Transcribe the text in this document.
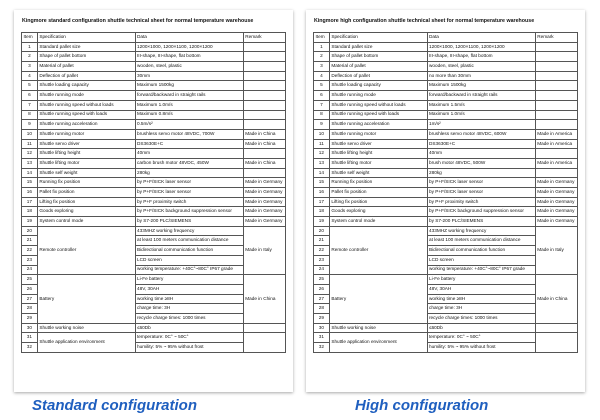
Kingmore standard configuration shuttle technical sheet for normal temperature warehouse
Item	Specification	Data	Remark
1	Standard pallet size	1200×1000, 1200×1100, 1200×1200	
2	Shape of pallet bottom	III-shape, III-shape, flat bottom	
3	Material of pallet	wooden, steel, plastic	
4	Deflection of pallet	30mm	
5	Shuttle loading capacity	Maximum 1500kg	
6	Shuttle running mode	forward/backward in straight rails	
7	Shuttle running speed without loads	Maximum 1.0m/s	
8	Shuttle running speed with loads	Maximum 0.8m/s	
9	Shuttle running acceleration	0.5m/s²	
10	Shuttle running motor	brushless servo motor 48VDC, 700W	Made in China
11	Shuttle servo driver	DS3630E+C	Made in China
12	Shuttle lifting height	40mm	
13	Shuttle lifting motor	carbon brush motor 48VDC, 450W	Made in China
14	Shuttle self weight	280kg	
15	Running fix position	by P+F/SICK laser sensor	Made in Germany
16	Pallet fix position	by P+F/SICK laser sensor	Made in Germany
17	Lifting fix position	by P+F proximity switch	Made in Germany
18	Goods exploring	by P+F/SICK background suppression sensor	Made in Germany
19	System control mode	by S7-200 PLC/SIEMENS	Made in Germany
20	Remote controller	433MHZ working frequency	Made in Italy
21		at least 100 meters communication distance	
22		Bidirectional communication function	
23		LCD screen	
24		working temperature: +40C°~80C° IP67 grade	
25	Battery	Li-Fe battery	Made in China
26		48V, 30AH	
27		working time ≥8H	
28		charge time: 3H	
29		recycle charge times: 1000 times	
30	Shuttle working noise	≤60Db	
31	Shuttle application environment	temperature: 0C° ~ 50C°	
32		humility: 5% ~ 95% without frost	
Kingmore high configuration shuttle technical sheet for normal temperature warehouse
Item	Specification	Data	Remark
1	Standard pallet size	1200×1000, 1200×1100, 1200×1200	
2	Shape of pallet bottom	III-shape, III-shape, flat bottom	
3	Material of pallet	wooden, steel, plastic	
4	Deflection of pallet	no more than 30mm	
5	Shuttle loading capacity	Maximum 1500kg	
6	Shuttle running mode	forward/backward in straight rails	
7	Shuttle running speed without loads	Maximum 1.5m/s	
8	Shuttle running speed with loads	Maximum 1.0m/s	
9	Shuttle running acceleration	1m/s²	
10	Shuttle running motor	brushless servo motor 48VDC, 600W	Made in America
11	Shuttle servo driver	DS3630E+C	Made in America
12	Shuttle lifting height	40mm	
13	Shuttle lifting motor	brush motor 48VDC, 500W	Made in America
14	Shuttle self weight	280kg	
15	Running fix position	by P+F/SICK laser sensor	Made in Germany
16	Pallet fix position	by P+F/SICK laser sensor	Made in Germany
17	Lifting fix position	by P+F proximity switch	Made in Germany
18	Goods exploring	by P+F/SICK background suppression sensor	Made in Germany
19	System control mode	by S7-200 PLC/SIEMENS	Made in Germany
20	Remote controller	433MHZ working frequency	Made in Italy
21		at least 100 meters communication distance	
22		Bidirectional communication function	
23		LCD screen	
24		working temperature: +40C°~80C° IP67 grade	
25	Battery	Li-Fe battery	Made in China
26		48V, 30AH	
27		working time ≥8H	
28		charge time: 3H	
29		recycle charge times: 1000 times	
30	Shuttle working noise	≤60Db	
31	Shuttle application environment	temperature: 0C° ~ 50C°	
32		humility: 5% ~ 95% without frost	
Standard configuration	High configuration
